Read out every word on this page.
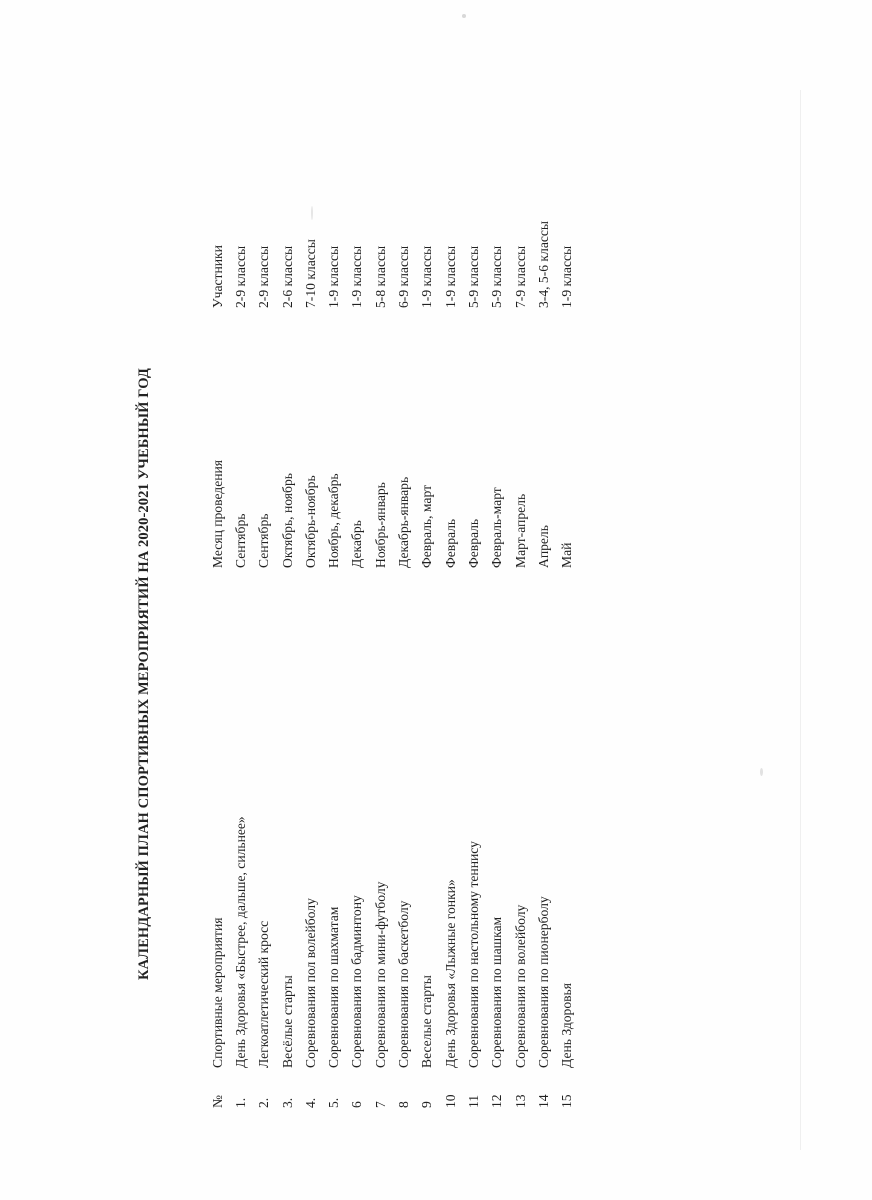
КАЛЕНДАРНЫЙ ПЛАН СПОРТИВНЫХ МЕРОПРИЯТИЙ НА 2020-2021 УЧЕБНЫЙ ГОД
№
Спортивные мероприятия
Месяц проведения
Участники
1.
День Здоровья «Быстрее, дальше, сильнее»
Сентябрь
2-9 классы
2.
Легкоатлетический кросс
Сентябрь
2-9 классы
3.
Весёлые старты
Октябрь, ноябрь
2-6 классы
4.
Соревнования пол волейболу
Октябрь-ноябрь
7-10 классы
5.
Соревнования по шахматам
Ноябрь, декабрь
1-9 классы
6
Соревнования по бадминтону
Декабрь
1-9 классы
7
Соревнования по мини-футболу
Ноябрь-январь
5-8 классы
8
Соревнования по баскетболу
Декабрь-январь
6-9 классы
9
Веселые старты
Февраль, март
1-9 классы
10
День Здоровья «Лыжные гонки»
Февраль
1-9 классы
11
Соревнования по настольному теннису
Февраль
5-9 классы
12
Соревнования по шашкам
Февраль-март
5-9 классы
13
Соревнования по волейболу
Март-апрель
7-9 классы
14
Соревнования по пионерболу
Апрель
3-4, 5-6 классы
15
День Здоровья
Май
1-9 классы
